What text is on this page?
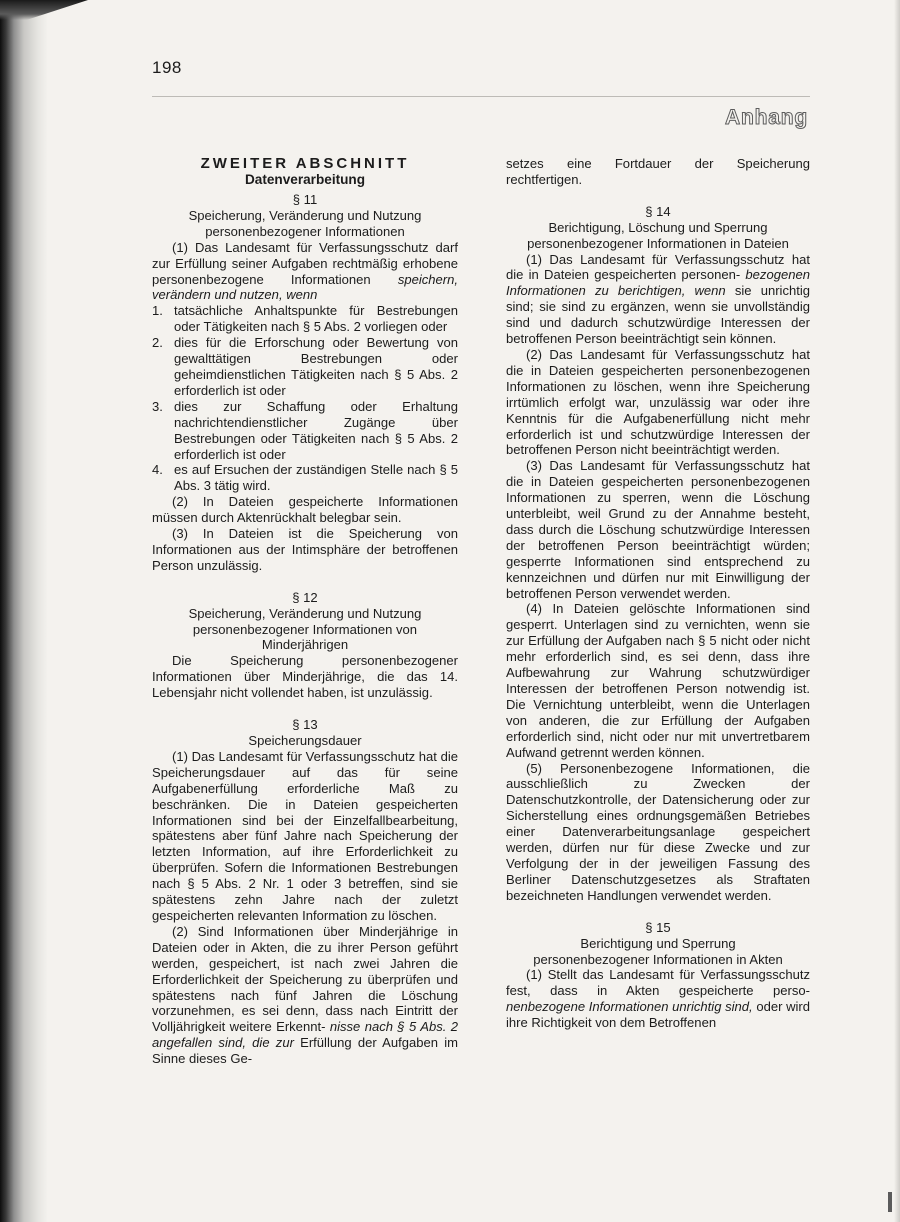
198
Anhang
ZWEITER ABSCHNITT
Datenverarbeitung
§ 11
Speicherung, Veränderung und Nutzung
personenbezogener Informationen
(1) Das Landesamt für Verfassungsschutz darf zur Erfüllung seiner Aufgaben rechtmäßig erhobene personenbezogene Informationen speichern, verändern und nutzen, wenn
1. tatsächliche Anhaltspunkte für Bestrebungen oder Tätigkeiten nach § 5 Abs. 2 vorliegen oder
2. dies für die Erforschung oder Bewertung von gewalttätigen Bestrebungen oder geheimdienstlichen Tätigkeiten nach § 5 Abs. 2 erforderlich ist oder
3. dies zur Schaffung oder Erhaltung nachrichtendienstlicher Zugänge über Bestrebungen oder Tätigkeiten nach § 5 Abs. 2 erforderlich ist oder
4. es auf Ersuchen der zuständigen Stelle nach § 5 Abs. 3 tätig wird.
(2) In Dateien gespeicherte Informationen müssen durch Aktenrückhalt belegbar sein.
(3) In Dateien ist die Speicherung von Informationen aus der Intimsphäre der betroffenen Person unzulässig.
§ 12
Speicherung, Veränderung und Nutzung
personenbezogener Informationen von
Minderjährigen
Die Speicherung personenbezogener Informationen über Minderjährige, die das 14. Lebensjahr nicht vollendet haben, ist unzulässig.
§ 13
Speicherungsdauer
(1) Das Landesamt für Verfassungsschutz hat die Speicherungsdauer auf das für seine Aufgabenerfüllung erforderliche Maß zu beschränken. Die in Dateien gespeicherten Informationen sind bei der Einzelfallbearbeitung, spätestens aber fünf Jahre nach Speicherung der letzten Information, auf ihre Erforderlichkeit zu überprüfen. Sofern die Informationen Bestrebungen nach § 5 Abs. 2 Nr. 1 oder 3 betreffen, sind sie spätestens zehn Jahre nach der zuletzt gespeicherten relevanten Information zu löschen.
(2) Sind Informationen über Minderjährige in Dateien oder in Akten, die zu ihrer Person geführt werden, gespeichert, ist nach zwei Jahren die Erforderlichkeit der Speicherung zu überprüfen und spätestens nach fünf Jahren die Löschung vorzunehmen, es sei denn, dass nach Eintritt der Volljährigkeit weitere Erkennt- nisse nach § 5 Abs. 2 angefallen sind, die zur Erfüllung der Aufgaben im Sinne dieses Ge-
setzes eine Fortdauer der Speicherung rechtfertigen.
§ 14
Berichtigung, Löschung und Sperrung
personenbezogener Informationen in Dateien
(1) Das Landesamt für Verfassungsschutz hat die in Dateien gespeicherten personen- bezogenen Informationen zu berichtigen, wenn sie unrichtig sind; sie sind zu ergänzen, wenn sie unvollständig sind und dadurch schutzwürdige Interessen der betroffenen Person beeinträchtigt sein können.
(2) Das Landesamt für Verfassungsschutz hat die in Dateien gespeicherten personenbezogenen Informationen zu löschen, wenn ihre Speicherung irrtümlich erfolgt war, unzulässig war oder ihre Kenntnis für die Aufgabenerfüllung nicht mehr erforderlich ist und schutzwürdige Interessen der betroffenen Person nicht beeinträchtigt werden.
(3) Das Landesamt für Verfassungsschutz hat die in Dateien gespeicherten personenbezogenen Informationen zu sperren, wenn die Löschung unterbleibt, weil Grund zu der Annahme besteht, dass durch die Löschung schutzwürdige Interessen der betroffenen Person beeinträchtigt würden; gesperrte Informationen sind entsprechend zu kennzeichnen und dürfen nur mit Einwilligung der betroffenen Person verwendet werden.
(4) In Dateien gelöschte Informationen sind gesperrt. Unterlagen sind zu vernichten, wenn sie zur Erfüllung der Aufgaben nach § 5 nicht oder nicht mehr erforderlich sind, es sei denn, dass ihre Aufbewahrung zur Wahrung schutzwürdiger Interessen der betroffenen Person notwendig ist. Die Vernichtung unterbleibt, wenn die Unterlagen von anderen, die zur Erfüllung der Aufgaben erforderlich sind, nicht oder nur mit unvertretbarem Aufwand getrennt werden können.
(5) Personenbezogene Informationen, die ausschließlich zu Zwecken der Datenschutzkontrolle, der Datensicherung oder zur Sicherstellung eines ordnungsgemäßen Betriebes einer Datenverarbeitungsanlage gespeichert werden, dürfen nur für diese Zwecke und zur Verfolgung der in der jeweiligen Fassung des Berliner Datenschutzgesetzes als Straftaten bezeichneten Handlungen verwendet werden.
§ 15
Berichtigung und Sperrung
personenbezogener Informationen in Akten
(1) Stellt das Landesamt für Verfassungsschutz fest, dass in Akten gespeicherte perso- nenbezogene Informationen unrichtig sind, oder wird ihre Richtigkeit von dem Betroffenen
